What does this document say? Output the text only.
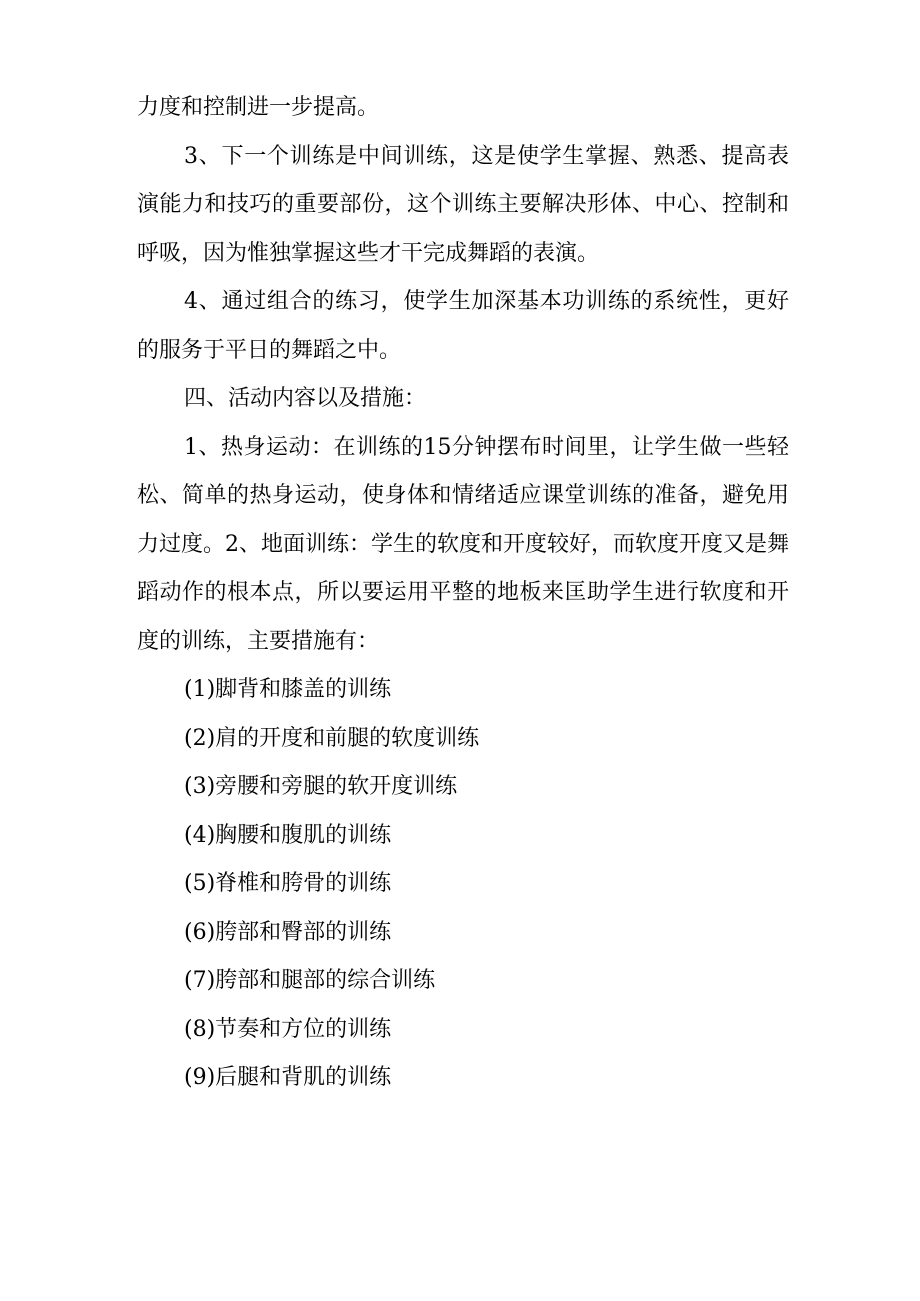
力度和控制进一步提高。

3、下一个训练是中间训练，这是使学生掌握、熟悉、提高表演能力和技巧的重要部份，这个训练主要解决形体、中心、控制和呼吸，因为惟独掌握这些才干完成舞蹈的表演。

4、通过组合的练习，使学生加深基本功训练的系统性，更好的服务于平日的舞蹈之中。

四、活动内容以及措施：

1、热身运动：在训练的15分钟摆布时间里，让学生做一些轻松、简单的热身运动，使身体和情绪适应课堂训练的准备，避免用力过度。2、地面训练：学生的软度和开度较好，而软度开度又是舞蹈动作的根本点，所以要运用平整的地板来匡助学生进行软度和开度的训练，主要措施有：

(1)脚背和膝盖的训练
(2)肩的开度和前腿的软度训练
(3)旁腰和旁腿的软开度训练
(4)胸腰和腹肌的训练
(5)脊椎和胯骨的训练
(6)胯部和臀部的训练
(7)胯部和腿部的综合训练
(8)节奏和方位的训练
(9)后腿和背肌的训练
